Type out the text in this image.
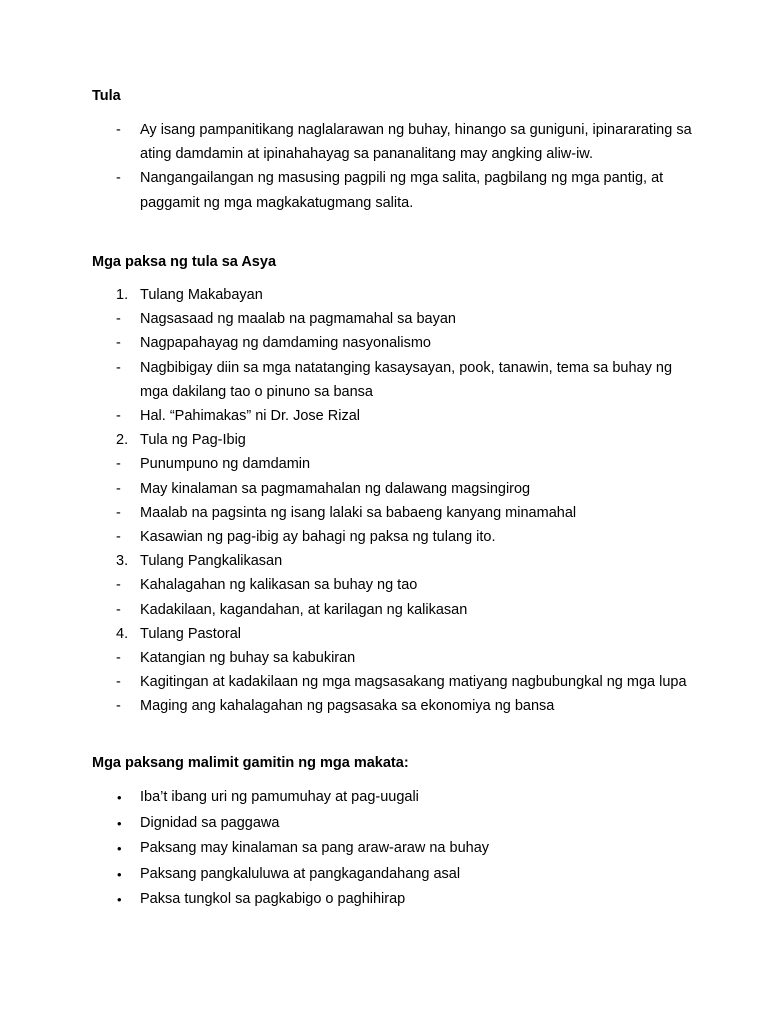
Tula
- Ay isang pampanitikang naglalarawan ng buhay, hinango sa guniguni, ipinararating sa ating damdamin at ipinahahayag sa pananalitang may angking aliw-iw.
- Nangangailangan ng masusing pagpili ng mga salita, pagbilang ng mga pantig, at paggamit ng mga magkakatugmang salita.
Mga paksa ng tula sa Asya
1. Tulang Makabayan
- Nagsasaad ng maalab na pagmamahal sa bayan
- Nagpapahayag ng damdaming nasyonalismo
- Nagbibigay diin sa mga natatanging kasaysayan, pook, tanawin, tema sa buhay ng mga dakilang tao o pinuno sa bansa
- Hal. “Pahimakas” ni Dr. Jose Rizal
2. Tula ng Pag-Ibig
- Punumpuno ng damdamin
- May kinalaman sa pagmamahalan ng dalawang magsingirog
- Maalab na pagsinta ng isang lalaki sa babaeng kanyang minamahal
- Kasawian ng pag-ibig ay bahagi ng paksa ng tulang ito.
3. Tulang Pangkalikasan
- Kahalagahan ng kalikasan sa buhay ng tao
- Kadakilaan, kagandahan, at karilagan ng kalikasan
4. Tulang Pastoral
- Katangian ng buhay sa kabukiran
- Kagitingan at kadakilaan ng mga magsasakang matiyang nagbubungkal ng mga lupa
- Maging ang kahalagahan ng pagsasaka sa ekonomiya ng bansa
Mga paksang malimit gamitin ng mga makata:
• Iba’t ibang uri ng pamumuhay at pag-uugali
• Dignidad sa paggawa
• Paksang may kinalaman sa pang araw-araw na buhay
• Paksang pangkaluluwa at pangkagandahang asal
• Paksa tungkol sa pagkabigo o paghihirap
